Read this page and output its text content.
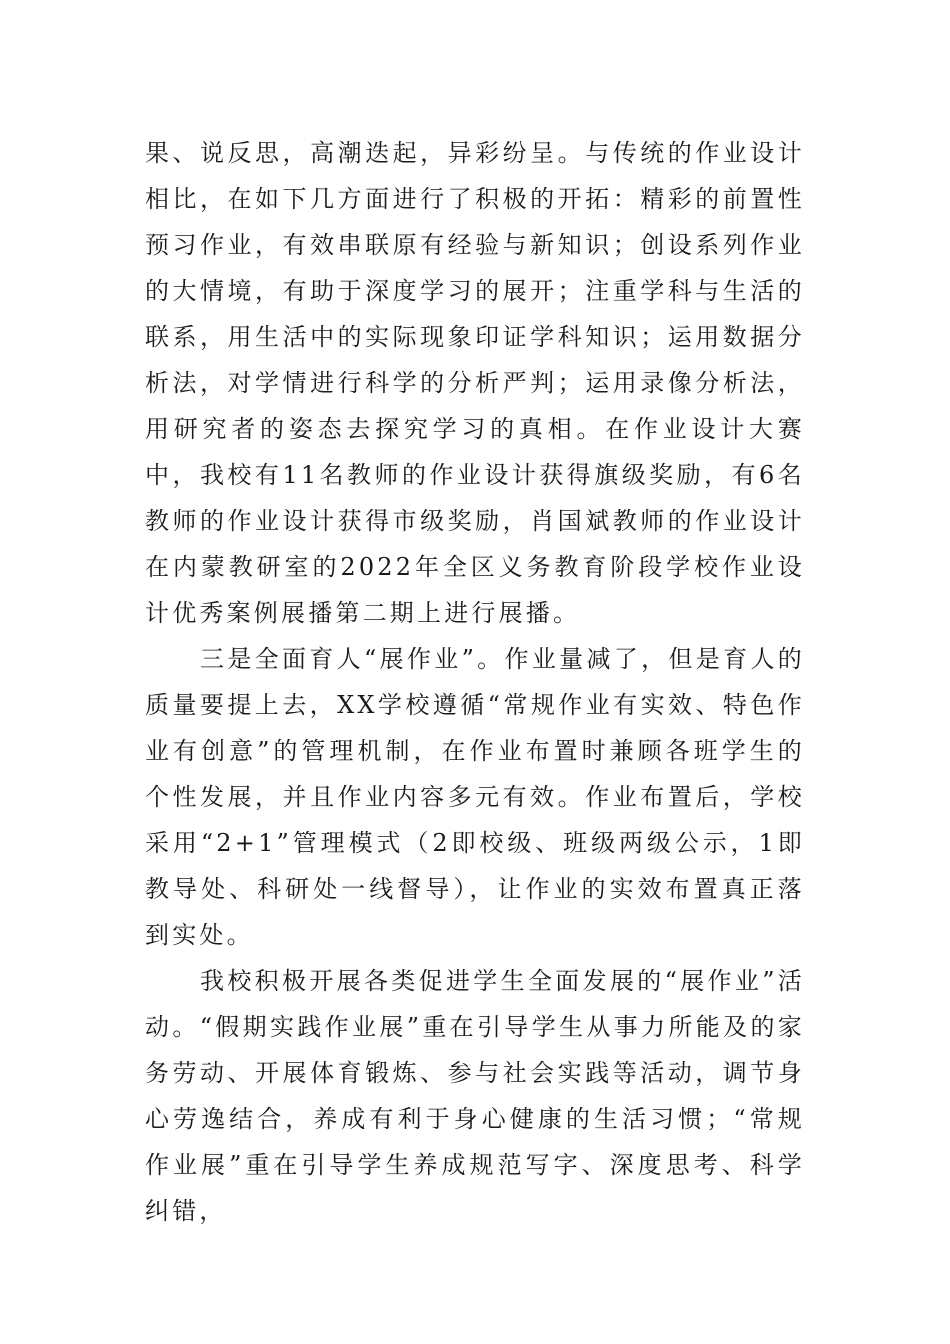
果、说反思，高潮迭起，异彩纷呈。与传统的作业设计相比，在如下几方面进行了积极的开拓：精彩的前置性预习作业，有效串联原有经验与新知识；创设系列作业的大情境，有助于深度学习的展开；注重学科与生活的联系，用生活中的实际现象印证学科知识；运用数据分析法，对学情进行科学的分析严判；运用录像分析法，用研究者的姿态去探究学习的真相。在作业设计大赛中，我校有11名教师的作业设计获得旗级奖励，有6名教师的作业设计获得市级奖励，肖国斌教师的作业设计在内蒙教研室的2022年全区义务教育阶段学校作业设计优秀案例展播第二期上进行展播。

三是全面育人“展作业”。作业量减了，但是育人的质量要提上去，XX学校遵循“常规作业有实效、特色作业有创意”的管理机制，在作业布置时兼顾各班学生的个性发展，并且作业内容多元有效。作业布置后，学校采用“2+1”管理模式（2即校级、班级两级公示，1即教导处、科研处一线督导），让作业的实效布置真正落到实处。

我校积极开展各类促进学生全面发展的“展作业”活动。“假期实践作业展”重在引导学生从事力所能及的家务劳动、开展体育锻炼、参与社会实践等活动，调节身心劳逸结合，养成有利于身心健康的生活习惯；“常规作业展”重在引导学生养成规范写字、深度思考、科学纠错，
